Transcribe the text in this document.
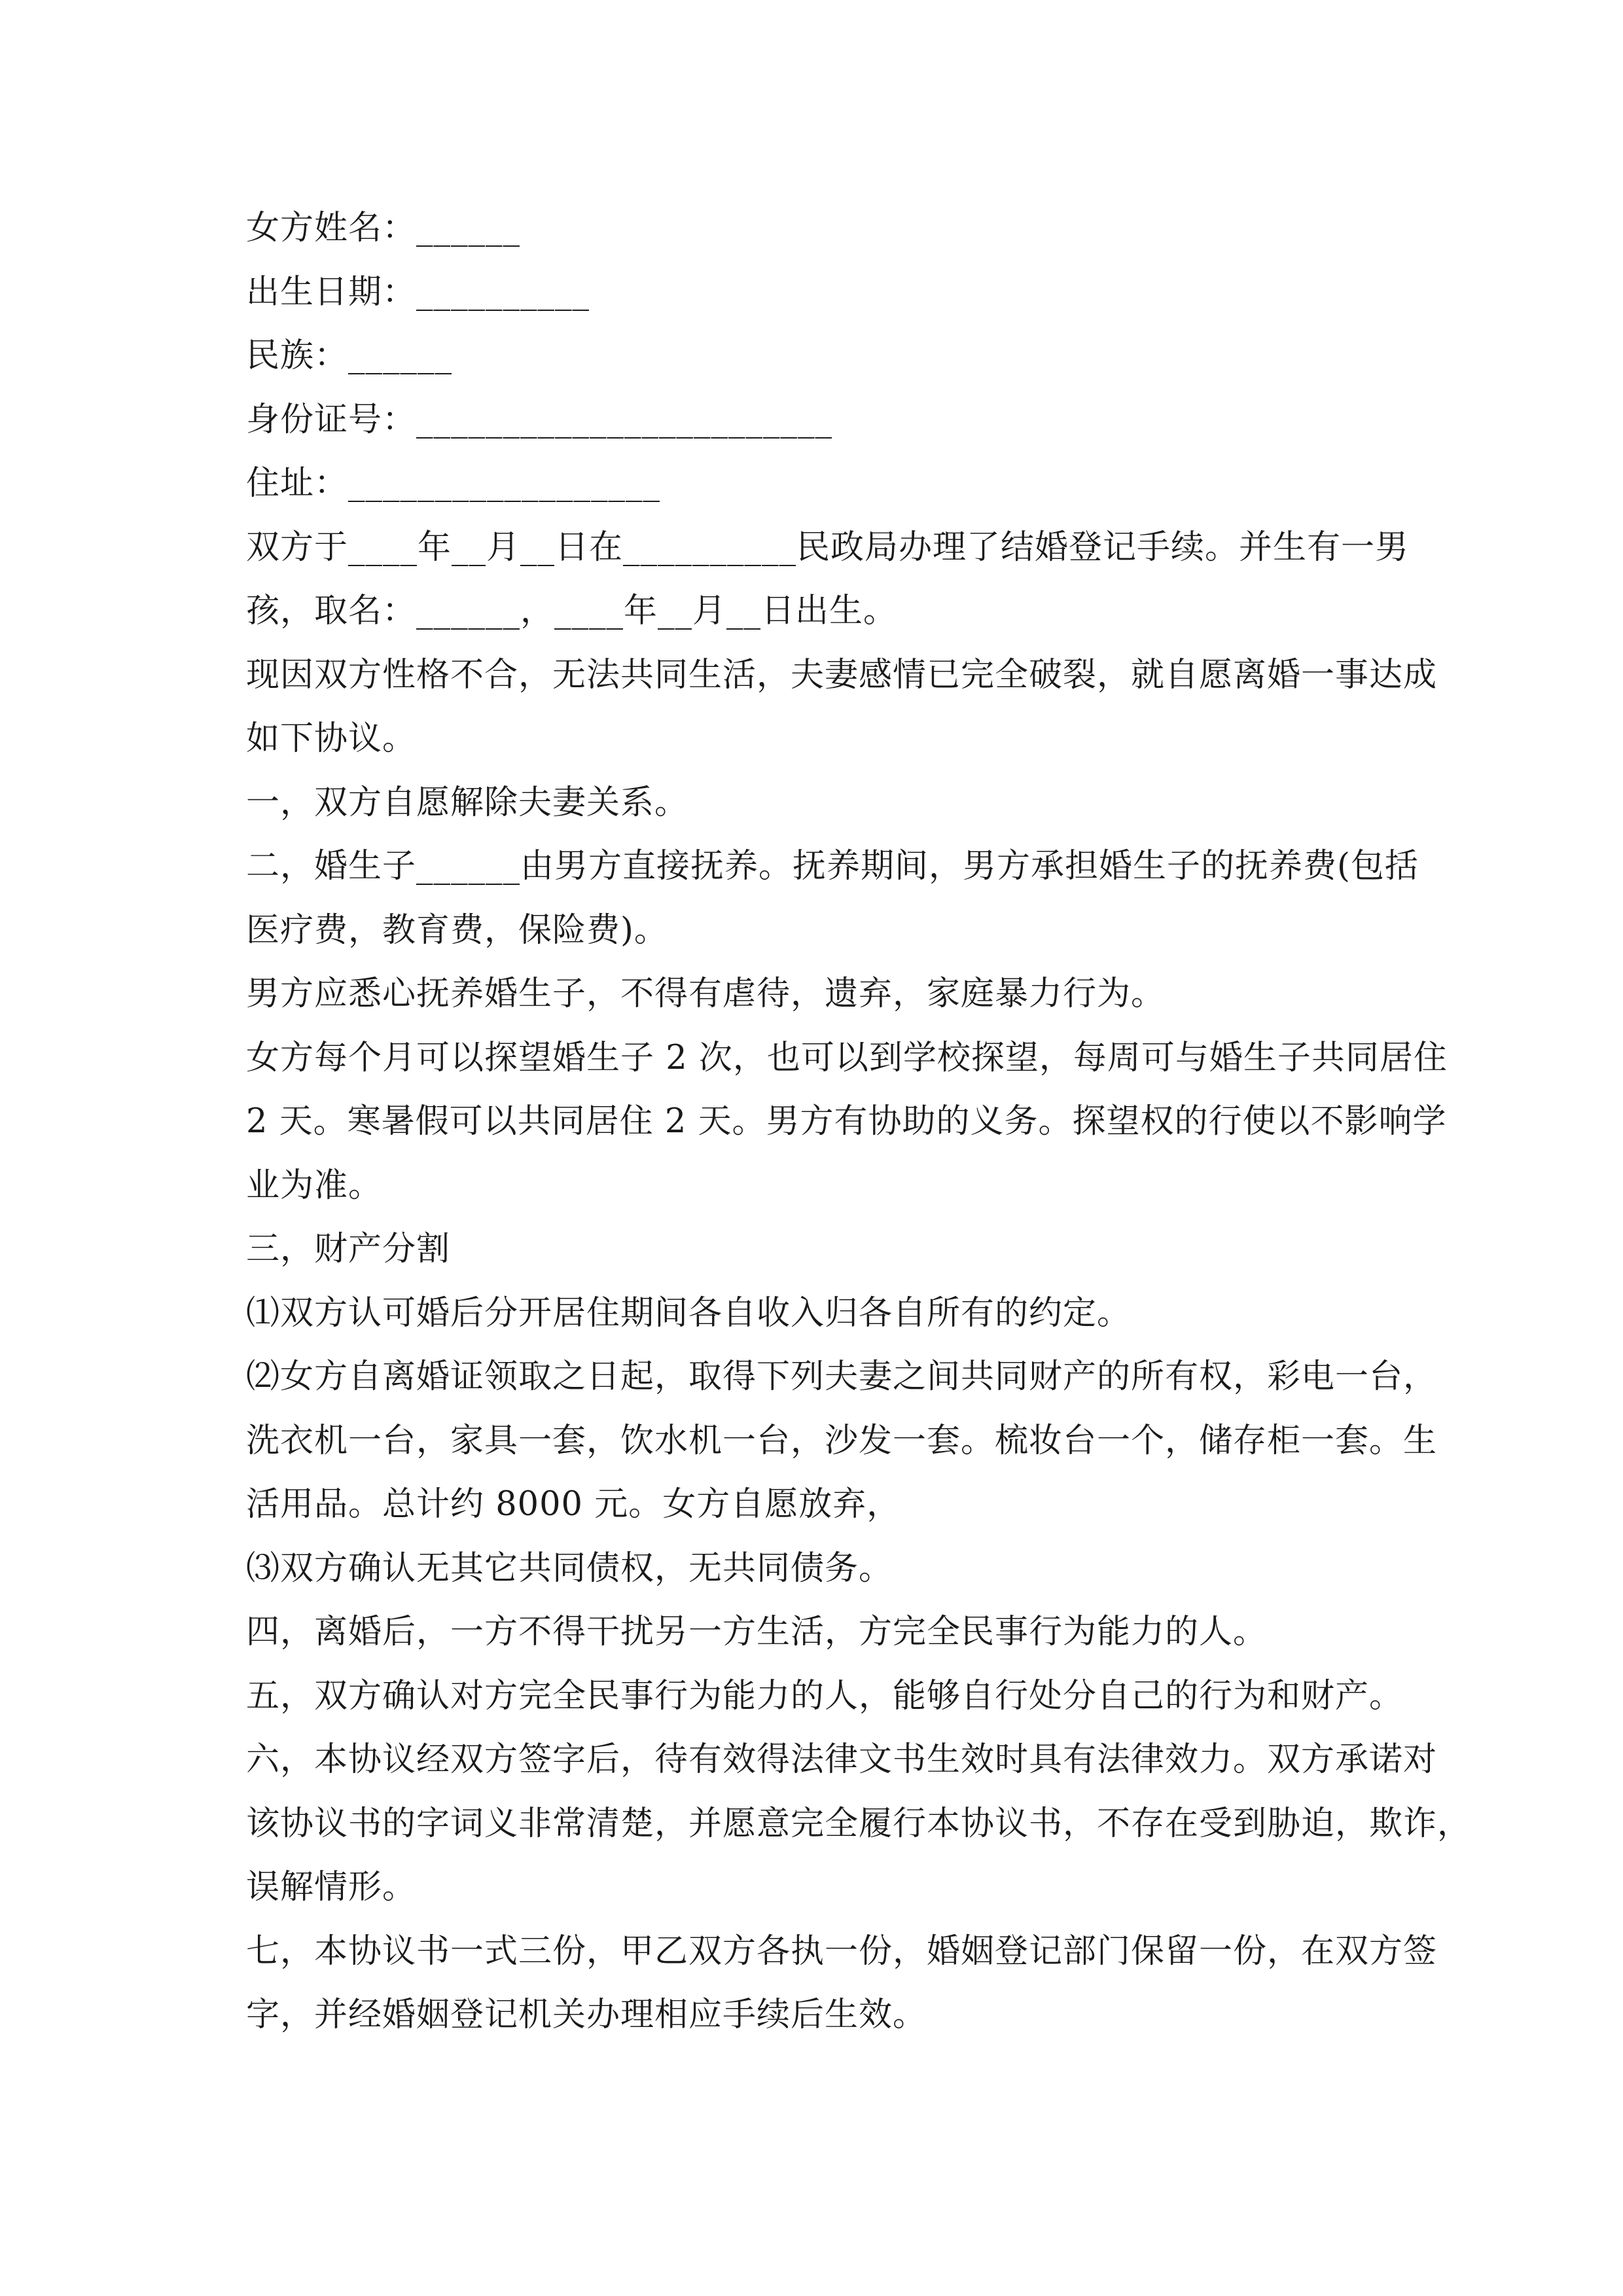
女方姓名：______
出生日期：__________
民族：______
身份证号：________________________
住址：__________________
双方于____年__月__日在__________民政局办理了结婚登记手续。并生有一男
孩，取名：______，____年__月__日出生。
现因双方性格不合，无法共同生活，夫妻感情已完全破裂，就自愿离婚一事达成
如下协议。
一，双方自愿解除夫妻关系。
二，婚生子______由男方直接抚养。抚养期间，男方承担婚生子的抚养费(包括
医疗费，教育费，保险费)。
男方应悉心抚养婚生子，不得有虐待，遗弃，家庭暴力行为。
女方每个月可以探望婚生子 2 次，也可以到学校探望，每周可与婚生子共同居住
2 天。寒暑假可以共同居住 2 天。男方有协助的义务。探望权的行使以不影响学
业为准。
三，财产分割
⑴双方认可婚后分开居住期间各自收入归各自所有的约定。
⑵女方自离婚证领取之日起，取得下列夫妻之间共同财产的所有权，彩电一台，
洗衣机一台，家具一套，饮水机一台，沙发一套。梳妆台一个，储存柜一套。生
活用品。总计约 8000 元。女方自愿放弃，
⑶双方确认无其它共同债权，无共同债务。
四，离婚后，一方不得干扰另一方生活，方完全民事行为能力的人。
五，双方确认对方完全民事行为能力的人，能够自行处分自己的行为和财产。
六，本协议经双方签字后，待有效得法律文书生效时具有法律效力。双方承诺对
该协议书的字词义非常清楚，并愿意完全履行本协议书，不存在受到胁迫，欺诈，
误解情形。
七，本协议书一式三份，甲乙双方各执一份，婚姻登记部门保留一份，在双方签
字，并经婚姻登记机关办理相应手续后生效。
